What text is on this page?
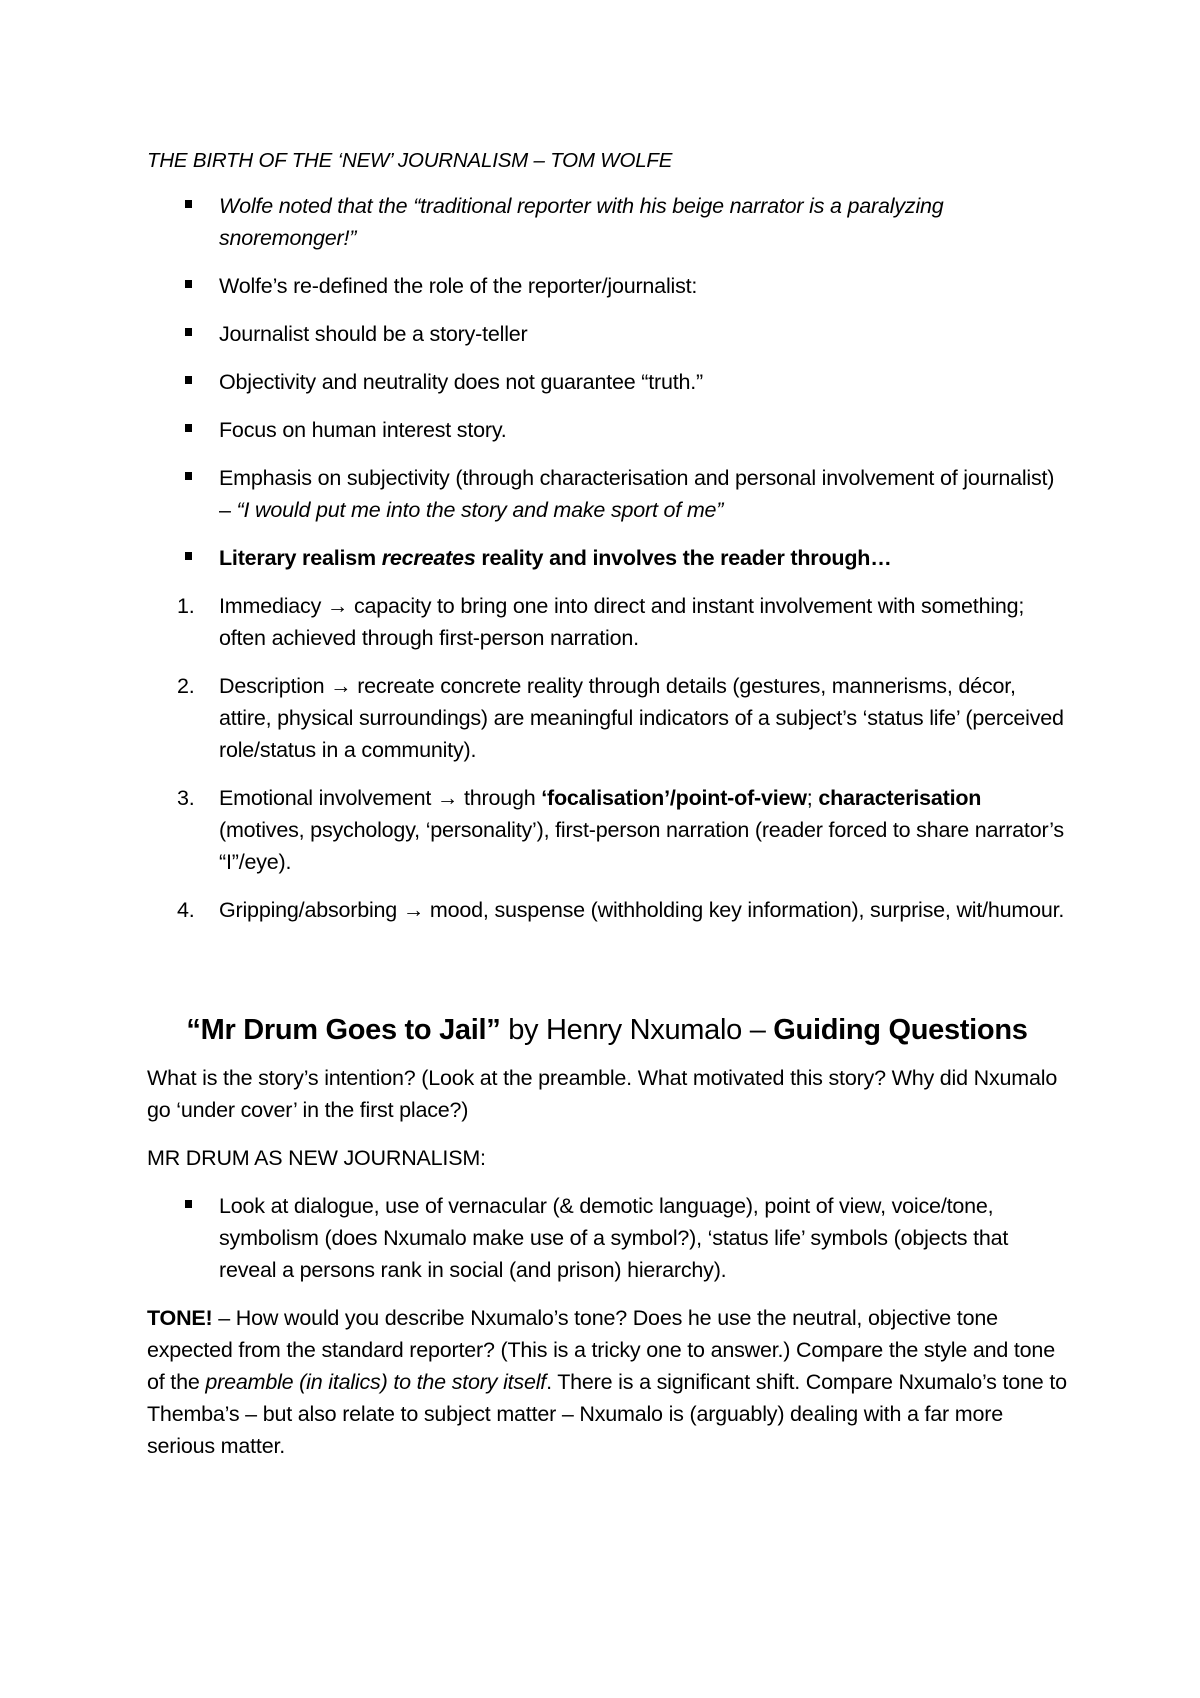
THE BIRTH OF THE ‘NEW’ JOURNALISM – TOM WOLFE
Wolfe noted that the “traditional reporter with his beige narrator is a paralyzing snoremonger!”
Wolfe’s re-defined the role of the reporter/journalist:
Journalist should be a story-teller
Objectivity and neutrality does not guarantee “truth.”
Focus on human interest story.
Emphasis on subjectivity (through characterisation and personal involvement of journalist) – “I would put me into the story and make sport of me”
Literary realism recreates reality and involves the reader through…
1. Immediacy → capacity to bring one into direct and instant involvement with something; often achieved through first-person narration.
2. Description → recreate concrete reality through details (gestures, mannerisms, décor, attire, physical surroundings) are meaningful indicators of a subject’s ‘status life’ (perceived role/status in a community).
3. Emotional involvement → through ‘focalisation’/point-of-view; characterisation (motives, psychology, ‘personality’), first-person narration (reader forced to share narrator’s “I”/eye).
4. Gripping/absorbing → mood, suspense (withholding key information), surprise, wit/humour.
“Mr Drum Goes to Jail” by Henry Nxumalo – Guiding Questions
What is the story’s intention? (Look at the preamble. What motivated this story? Why did Nxumalo go ‘under cover’ in the first place?)
MR DRUM AS NEW JOURNALISM:
Look at dialogue, use of vernacular (& demotic language), point of view, voice/tone, symbolism (does Nxumalo make use of a symbol?), ‘status life’ symbols (objects that reveal a persons rank in social (and prison) hierarchy).
TONE! – How would you describe Nxumalo’s tone? Does he use the neutral, objective tone expected from the standard reporter? (This is a tricky one to answer.) Compare the style and tone of the preamble (in italics) to the story itself. There is a significant shift. Compare Nxumalo’s tone to Themba’s – but also relate to subject matter – Nxumalo is (arguably) dealing with a far more serious matter.
